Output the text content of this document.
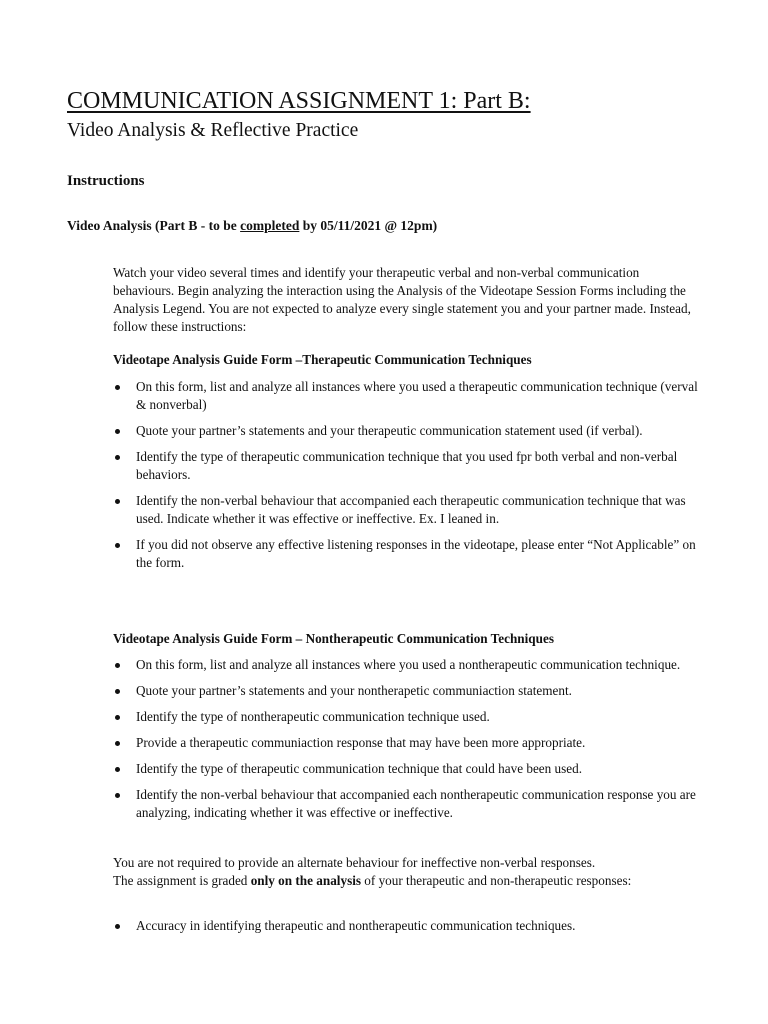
COMMUNICATION ASSIGNMENT 1: Part B:
Video Analysis & Reflective Practice
Instructions
Video Analysis (Part B - to be completed by 05/11/2021 @ 12pm)

Watch your video several times and identify your therapeutic verbal and non-verbal communication behaviours. Begin analyzing the interaction using the Analysis of the Videotape Session Forms including the Analysis Legend. You are not expected to analyze every single statement you and your partner made. Instead, follow these instructions:

Videotape Analysis Guide Form –Therapeutic Communication Techniques
On this form, list and analyze all instances where you used a therapeutic communication technique (verval & nonverbal)
Quote your partner’s statements and your therapeutic communication statement used (if verbal).
Identify the type of therapeutic communication technique that you used fpr both verbal and non-verbal behaviors.
Identify the non-verbal behaviour that accompanied each therapeutic communication technique that was used. Indicate whether it was effective or ineffective. Ex. I leaned in.
If you did not observe any effective listening responses in the videotape, please enter “Not Applicable” on the form.
Videotape Analysis Guide Form – Nontherapeutic Communication Techniques
On this form, list and analyze all instances where you used a nontherapeutic communication technique.
Quote your partner’s statements and your nontherapetic communiaction statement.
Identify the type of nontherapeutic communication technique used.
Provide a therapeutic communiaction response that may have been more appropriate.
Identify the type of therapeutic communication technique that could have been used.
Identify the non-verbal behaviour that accompanied each nontherapeutic communication response you are analyzing, indicating whether it was effective or ineffective.

You are not required to provide an alternate behaviour for ineffective non-verbal responses.
The assignment is graded only on the analysis of your therapeutic and non-therapeutic responses:

Accuracy in identifying therapeutic and nontherapeutic communication techniques.
